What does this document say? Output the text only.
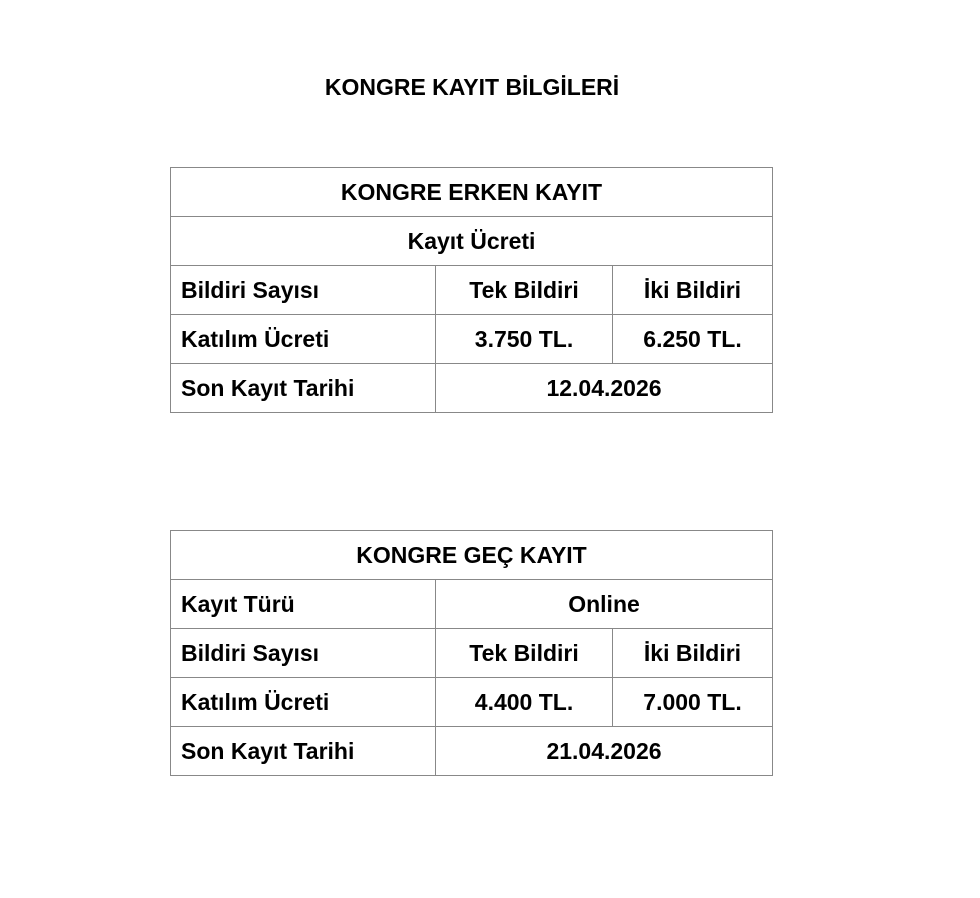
KONGRE KAYIT BİLGİLERİ
KONGRE ERKEN KAYIT		
Kayıt Ücreti		
Bildiri Sayısı	Tek Bildiri	İki Bildiri
Katılım Ücreti	3.750 TL.	6.250 TL.
Son Kayıt Tarihi	12.04.2026	
KONGRE GEÇ KAYIT		
Kayıt Türü	Online	
Bildiri Sayısı	Tek Bildiri	İki Bildiri
Katılım Ücreti	4.400 TL.	7.000 TL.
Son Kayıt Tarihi	21.04.2026	
